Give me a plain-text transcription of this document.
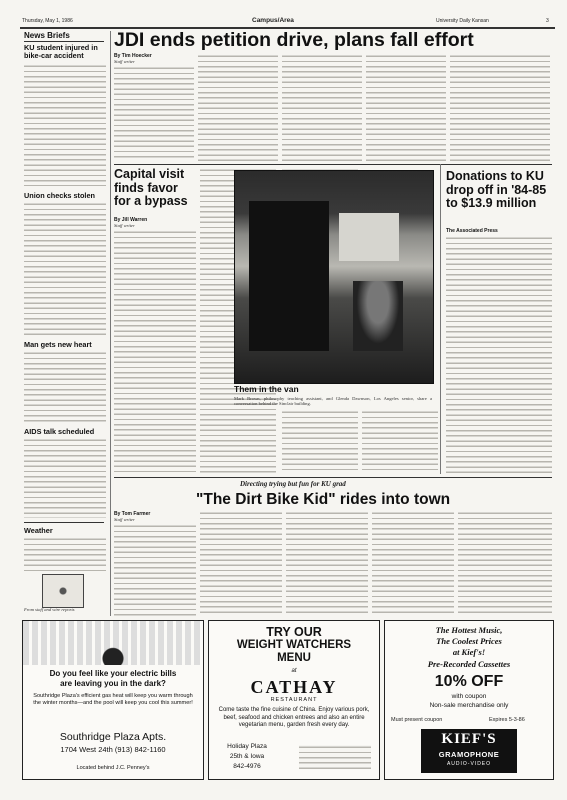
Thursday, May 1, 1986	Campus/Area	University Daily Kansan	3
News Briefs
KU student injured in bike-car accident
Union checks stolen
Man gets new heart
AIDS talk scheduled
Weather
From staff and wire reports
JDI ends petition drive, plans fall effort
By Tim Hoecker
Staff writer
Capital visit finds favor for a bypass
By Jill Warren
Staff writer
Them in the van
Mark Brown, philosophy teaching assistant, and Glenda Dawnson, Los Angeles senior, share a conversation behind the Sinclair building.
Donations to KU drop off in '84-85 to $13.9 million
The Associated Press
Directing trying but fun for KU grad
"The Dirt Bike Kid" rides into town
By Tom Farmer
Staff writer
Do you feel like your electric bills
are leaving you in the dark?
Southridge Plaza's efficient gas heat will keep you warm through the winter months—and the pool will keep you cool this summer!
Southridge Plaza Apts.
1704 West 24th (913) 842-1160
Located behind J.C. Penney's
TRY OUR
WEIGHT WATCHERS
MENU
at
CATHAY
RESTAURANT
Come taste the fine cuisine of China. Enjoy various pork, beef, seafood and chicken entrees and also an entire vegetarian menu, garden fresh every day.
Holiday Plaza
25th & Iowa
842-4976
The Hottest Music,
The Coolest Prices
at Kief's!
Pre-Recorded Cassettes
10% OFF
with coupon
Non-sale merchandise only
Must present coupon	Expires 5-3-86
KIEF'S
GRAMOPHONE
AUDIO-VIDEO
